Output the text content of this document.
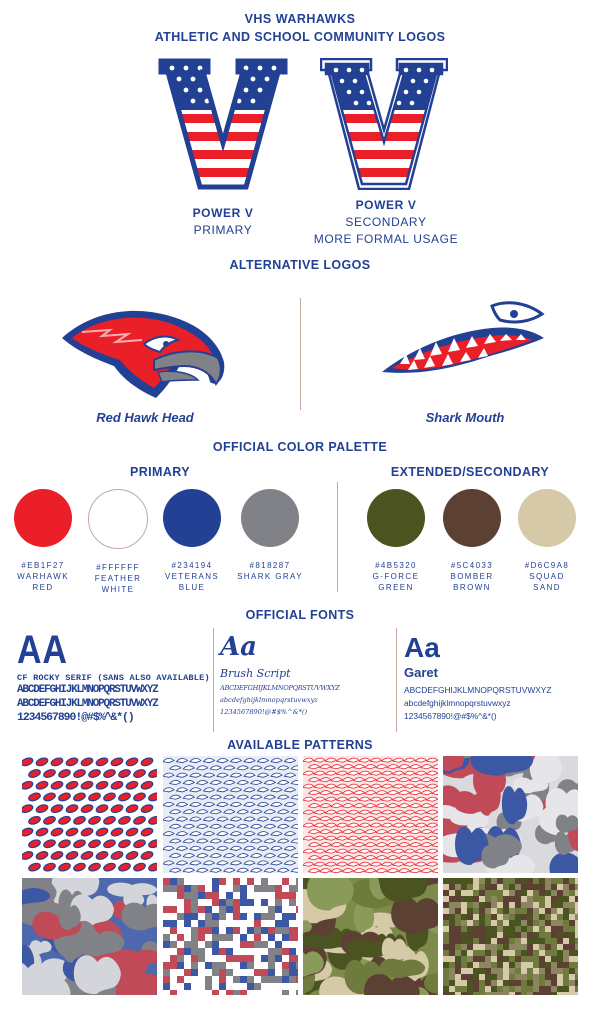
VHS WARHAWKS
ATHLETIC AND SCHOOL COMMUNITY LOGOS
POWER V
PRIMARY
POWER V
SECONDARY
MORE FORMAL USAGE
ALTERNATIVE LOGOS
Red Hawk Head	Shark Mouth
OFFICIAL COLOR PALETTE
PRIMARY	EXTENDED/SECONDARY
#EB1F27
WARHAWK
RED
#FFFFFF
FEATHER
WHITE
#234194
VETERANS
BLUE
#818287
SHARK GRAY
#4B5320
G-FORCE
GREEN
#5C4033
BOMBER
BROWN
#D6C9A8
SQUAD
SAND
OFFICIAL FONTS
AA
CF ROCKY SERIF (SANS ALSO AVAILABLE)
ABCDEFGHIJKLMNOPQRSTUVWXYZ
ABCDEFGHIJKLMNOPQRSTUVWXYZ
1234567890!@#$%^&*()
Aa
Brush Script
ABCDEFGHIJKLMNOPQRSTUVWXYZ
abcdefghijklmnopqrstuvwxyz
1234567890!@#$%^&*()
Aa
Garet
ABCDEFGHIJKLMNOPQRSTUVWXYZ
abcdefghijklmnopqrstuvwxyz
1234567890!@#$%^&*()
AVAILABLE PATTERNS
